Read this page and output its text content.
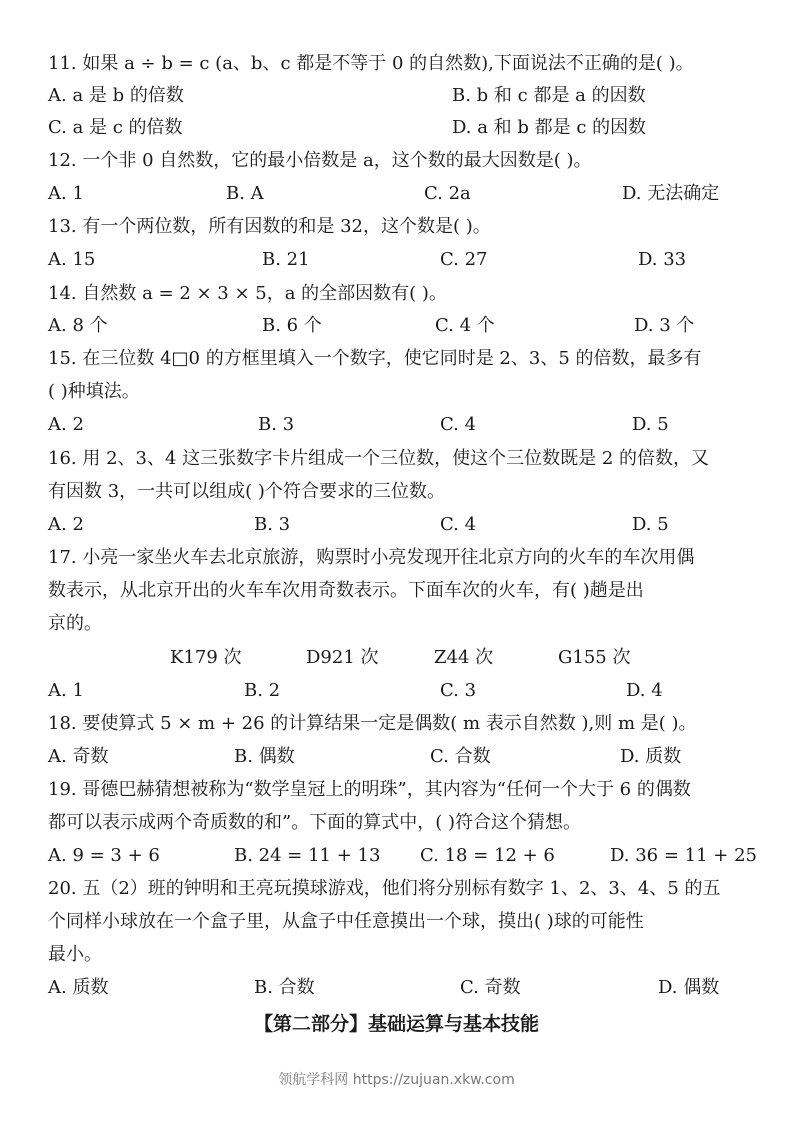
11. 如果 a ÷ b = c (a、b、c 都是不等于 0 的自然数),下面说法不正确的是( )。
A. a 是 b 的倍数	B. b 和 c 都是 a 的因数
C. a 是 c 的倍数	D. a 和 b 都是 c 的因数
12. 一个非 0 自然数，它的最小倍数是 a，这个数的最大因数是( )。
A. 1	B. A	C. 2a	D. 无法确定
13. 有一个两位数，所有因数的和是 32，这个数是( )。
A. 15	B. 21	C. 27	D. 33
14. 自然数 a = 2 × 3 × 5，a 的全部因数有( )。
A. 8 个	B. 6 个	C. 4 个	D. 3 个
15. 在三位数 4□0 的方框里填入一个数字，使它同时是 2、3、5 的倍数，最多有
( )种填法。
A. 2	B. 3	C. 4	D. 5
16. 用 2、3、4 这三张数字卡片组成一个三位数，使这个三位数既是 2 的倍数，又
有因数 3，一共可以组成( )个符合要求的三位数。
A. 2	B. 3	C. 4	D. 5
17. 小亮一家坐火车去北京旅游，购票时小亮发现开往北京方向的火车的车次用偶
数表示，从北京开出的火车车次用奇数表示。下面车次的火车，有( )趟是出
京的。
K179 次	D921 次	Z44 次	G155 次
A. 1	B. 2	C. 3	D. 4
18. 要使算式 5 × m + 26 的计算结果一定是偶数( m 表示自然数 ),则 m 是( )。
A. 奇数	B. 偶数	C. 合数	D. 质数
19. 哥德巴赫猜想被称为“数学皇冠上的明珠”，其内容为“任何一个大于 6 的偶数
都可以表示成两个奇质数的和”。下面的算式中，( )符合这个猜想。
A. 9 = 3 + 6	B. 24 = 11 + 13 C. 18 = 12 + 6	D. 36 = 11 + 25
20. 五（2）班的钟明和王亮玩摸球游戏，他们将分别标有数字 1、2、3、4、5 的五
个同样小球放在一个盒子里，从盒子中任意摸出一个球，摸出( )球的可能性
最小。
A. 质数	B. 合数	C. 奇数	D. 偶数
【第二部分】基础运算与基本技能
领航学科网 https://zujuan.xkw.com
